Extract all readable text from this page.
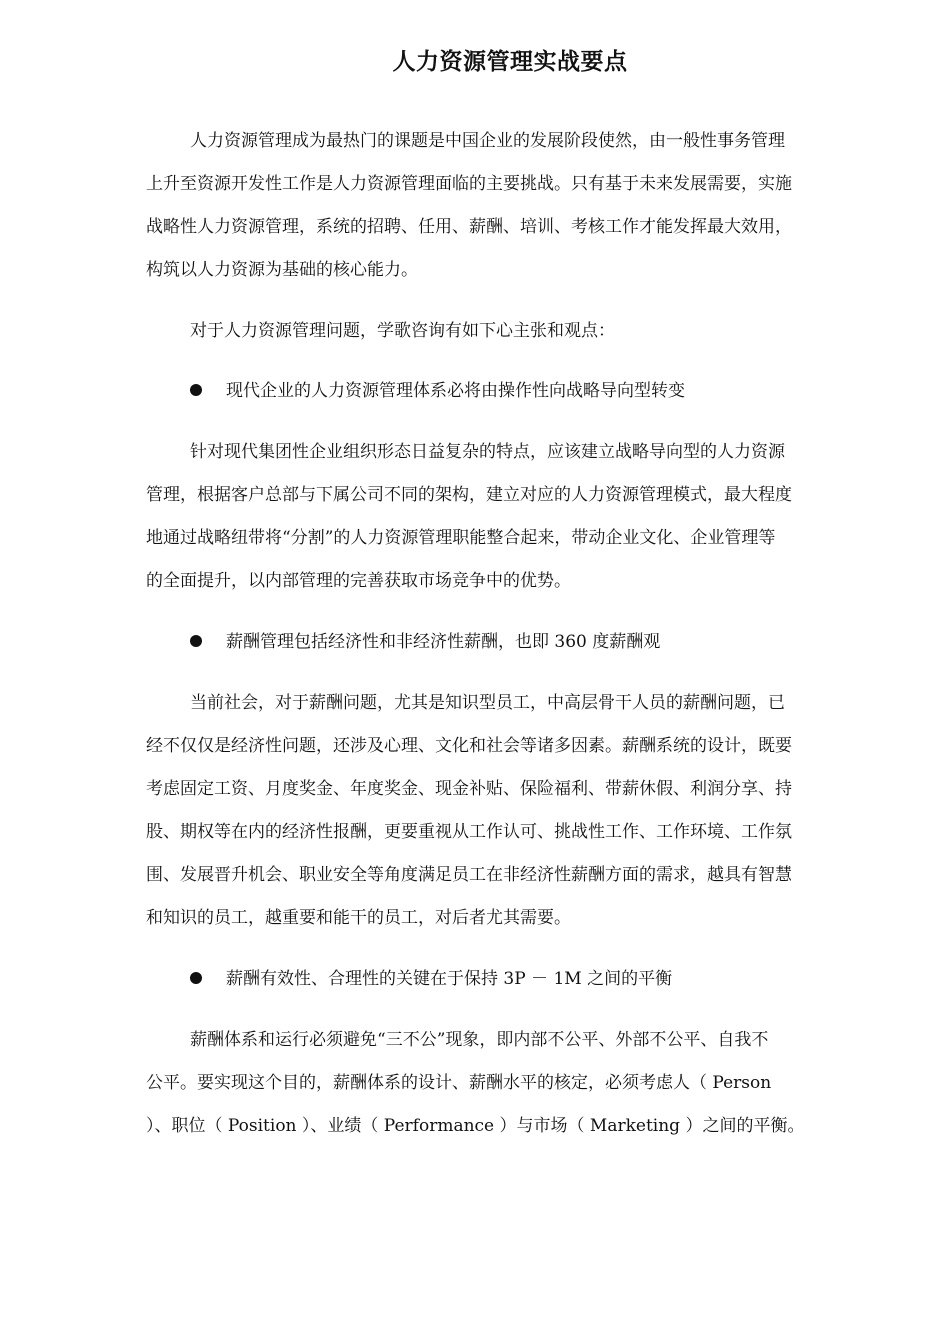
人力资源管理实战要点
人力资源管理成为最热门的课题是中国企业的发展阶段使然，由一般性事务管理
上升至资源开发性工作是人力资源管理面临的主要挑战。只有基于未来发展需要，实施
战略性人力资源管理，系统的招聘、任用、薪酬、培训、考核工作才能发挥最大效用，
构筑以人力资源为基础的核心能力。
对于人力资源管理问题，学歌咨询有如下心主张和观点：
现代企业的人力资源管理体系必将由操作性向战略导向型转变
针对现代集团性企业组织形态日益复杂的特点，应该建立战略导向型的人力资源
管理，根据客户总部与下属公司不同的架构，建立对应的人力资源管理模式，最大程度
地通过战略纽带将“分割”的人力资源管理职能整合起来，带动企业文化、企业管理等
的全面提升，以内部管理的完善获取市场竞争中的优势。
薪酬管理包括经济性和非经济性薪酬，也即 360 度薪酬观
当前社会，对于薪酬问题，尤其是知识型员工，中高层骨干人员的薪酬问题，已
经不仅仅是经济性问题，还涉及心理、文化和社会等诸多因素。薪酬系统的设计，既要
考虑固定工资、月度奖金、年度奖金、现金补贴、保险福利、带薪休假、利润分享、持
股、期权等在内的经济性报酬，更要重视从工作认可、挑战性工作、工作环境、工作氛
围、发展晋升机会、职业安全等角度满足员工在非经济性薪酬方面的需求，越具有智慧
和知识的员工，越重要和能干的员工，对后者尤其需要。
薪酬有效性、合理性的关键在于保持 3P － 1M 之间的平衡
薪酬体系和运行必须避免“三不公”现象，即内部不公平、外部不公平、自我不
公平。要实现这个目的，薪酬体系的设计、薪酬水平的核定，必须考虑人（ Person
）、职位（ Position ）、业绩（ Performance ）与市场（ Marketing ）之间的平衡。
